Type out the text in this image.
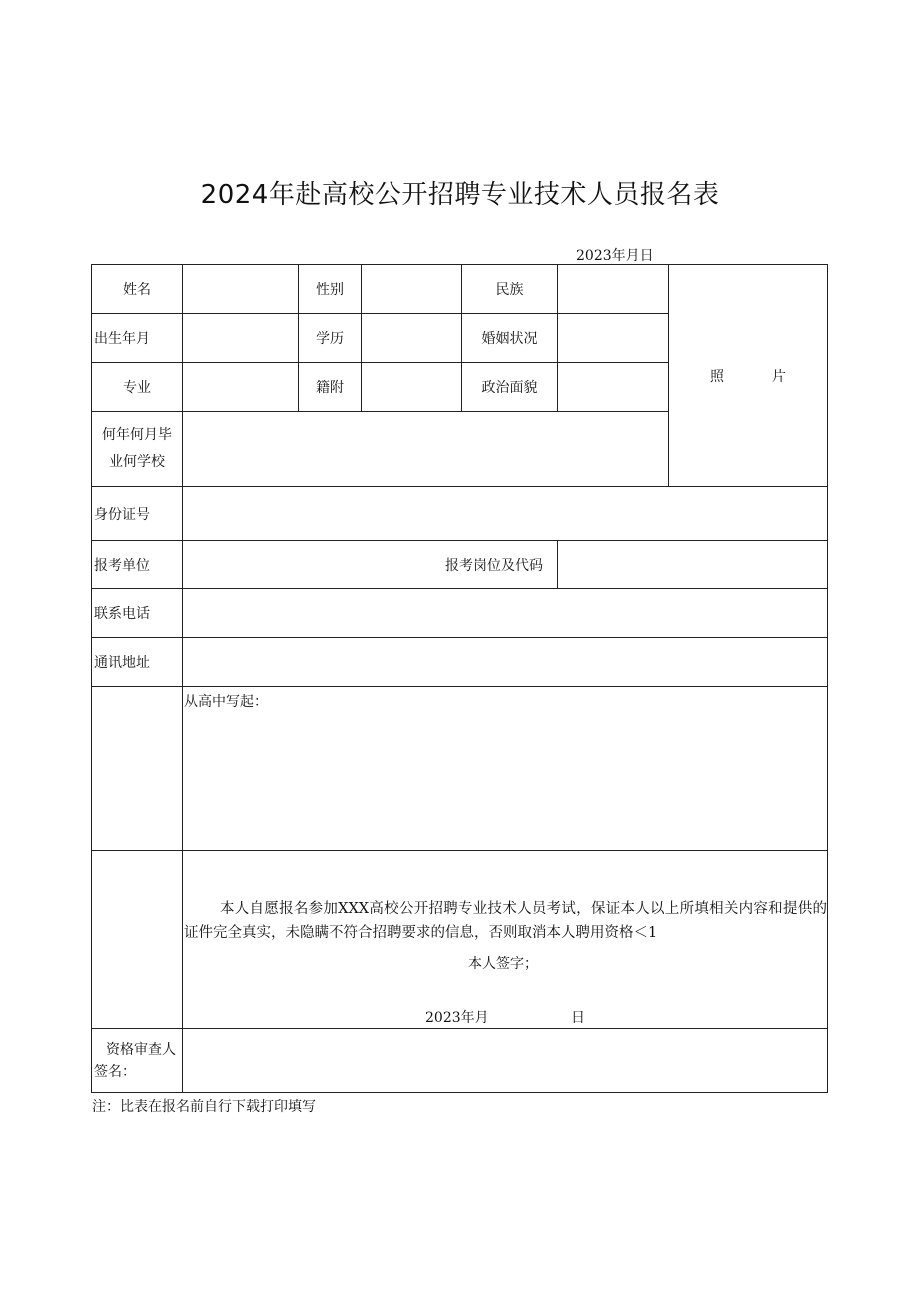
2024年赴高校公开招聘专业技术人员报名表
2023年月日
姓名		性别		民族		照 片
出生年月		学历		婚姻状况		
专业		籍附		政治面貌		

何年何月毕
业何学校						

身份证号						
报考单位	报考岗位及代码					
联系电话						
通讯地址						
	从高中写起：					

	本人自愿报名参加XXX高校公开招聘专业技术人员考试，保证本人以上所填相关内容和提供的证件完全真实，未隐瞒不符合招聘要求的信息，否则取消本人聘用资格＜1
本人签字；
2023年月 日					

资格审查人
签名：						

注：比表在报名前自行下载打印填写
